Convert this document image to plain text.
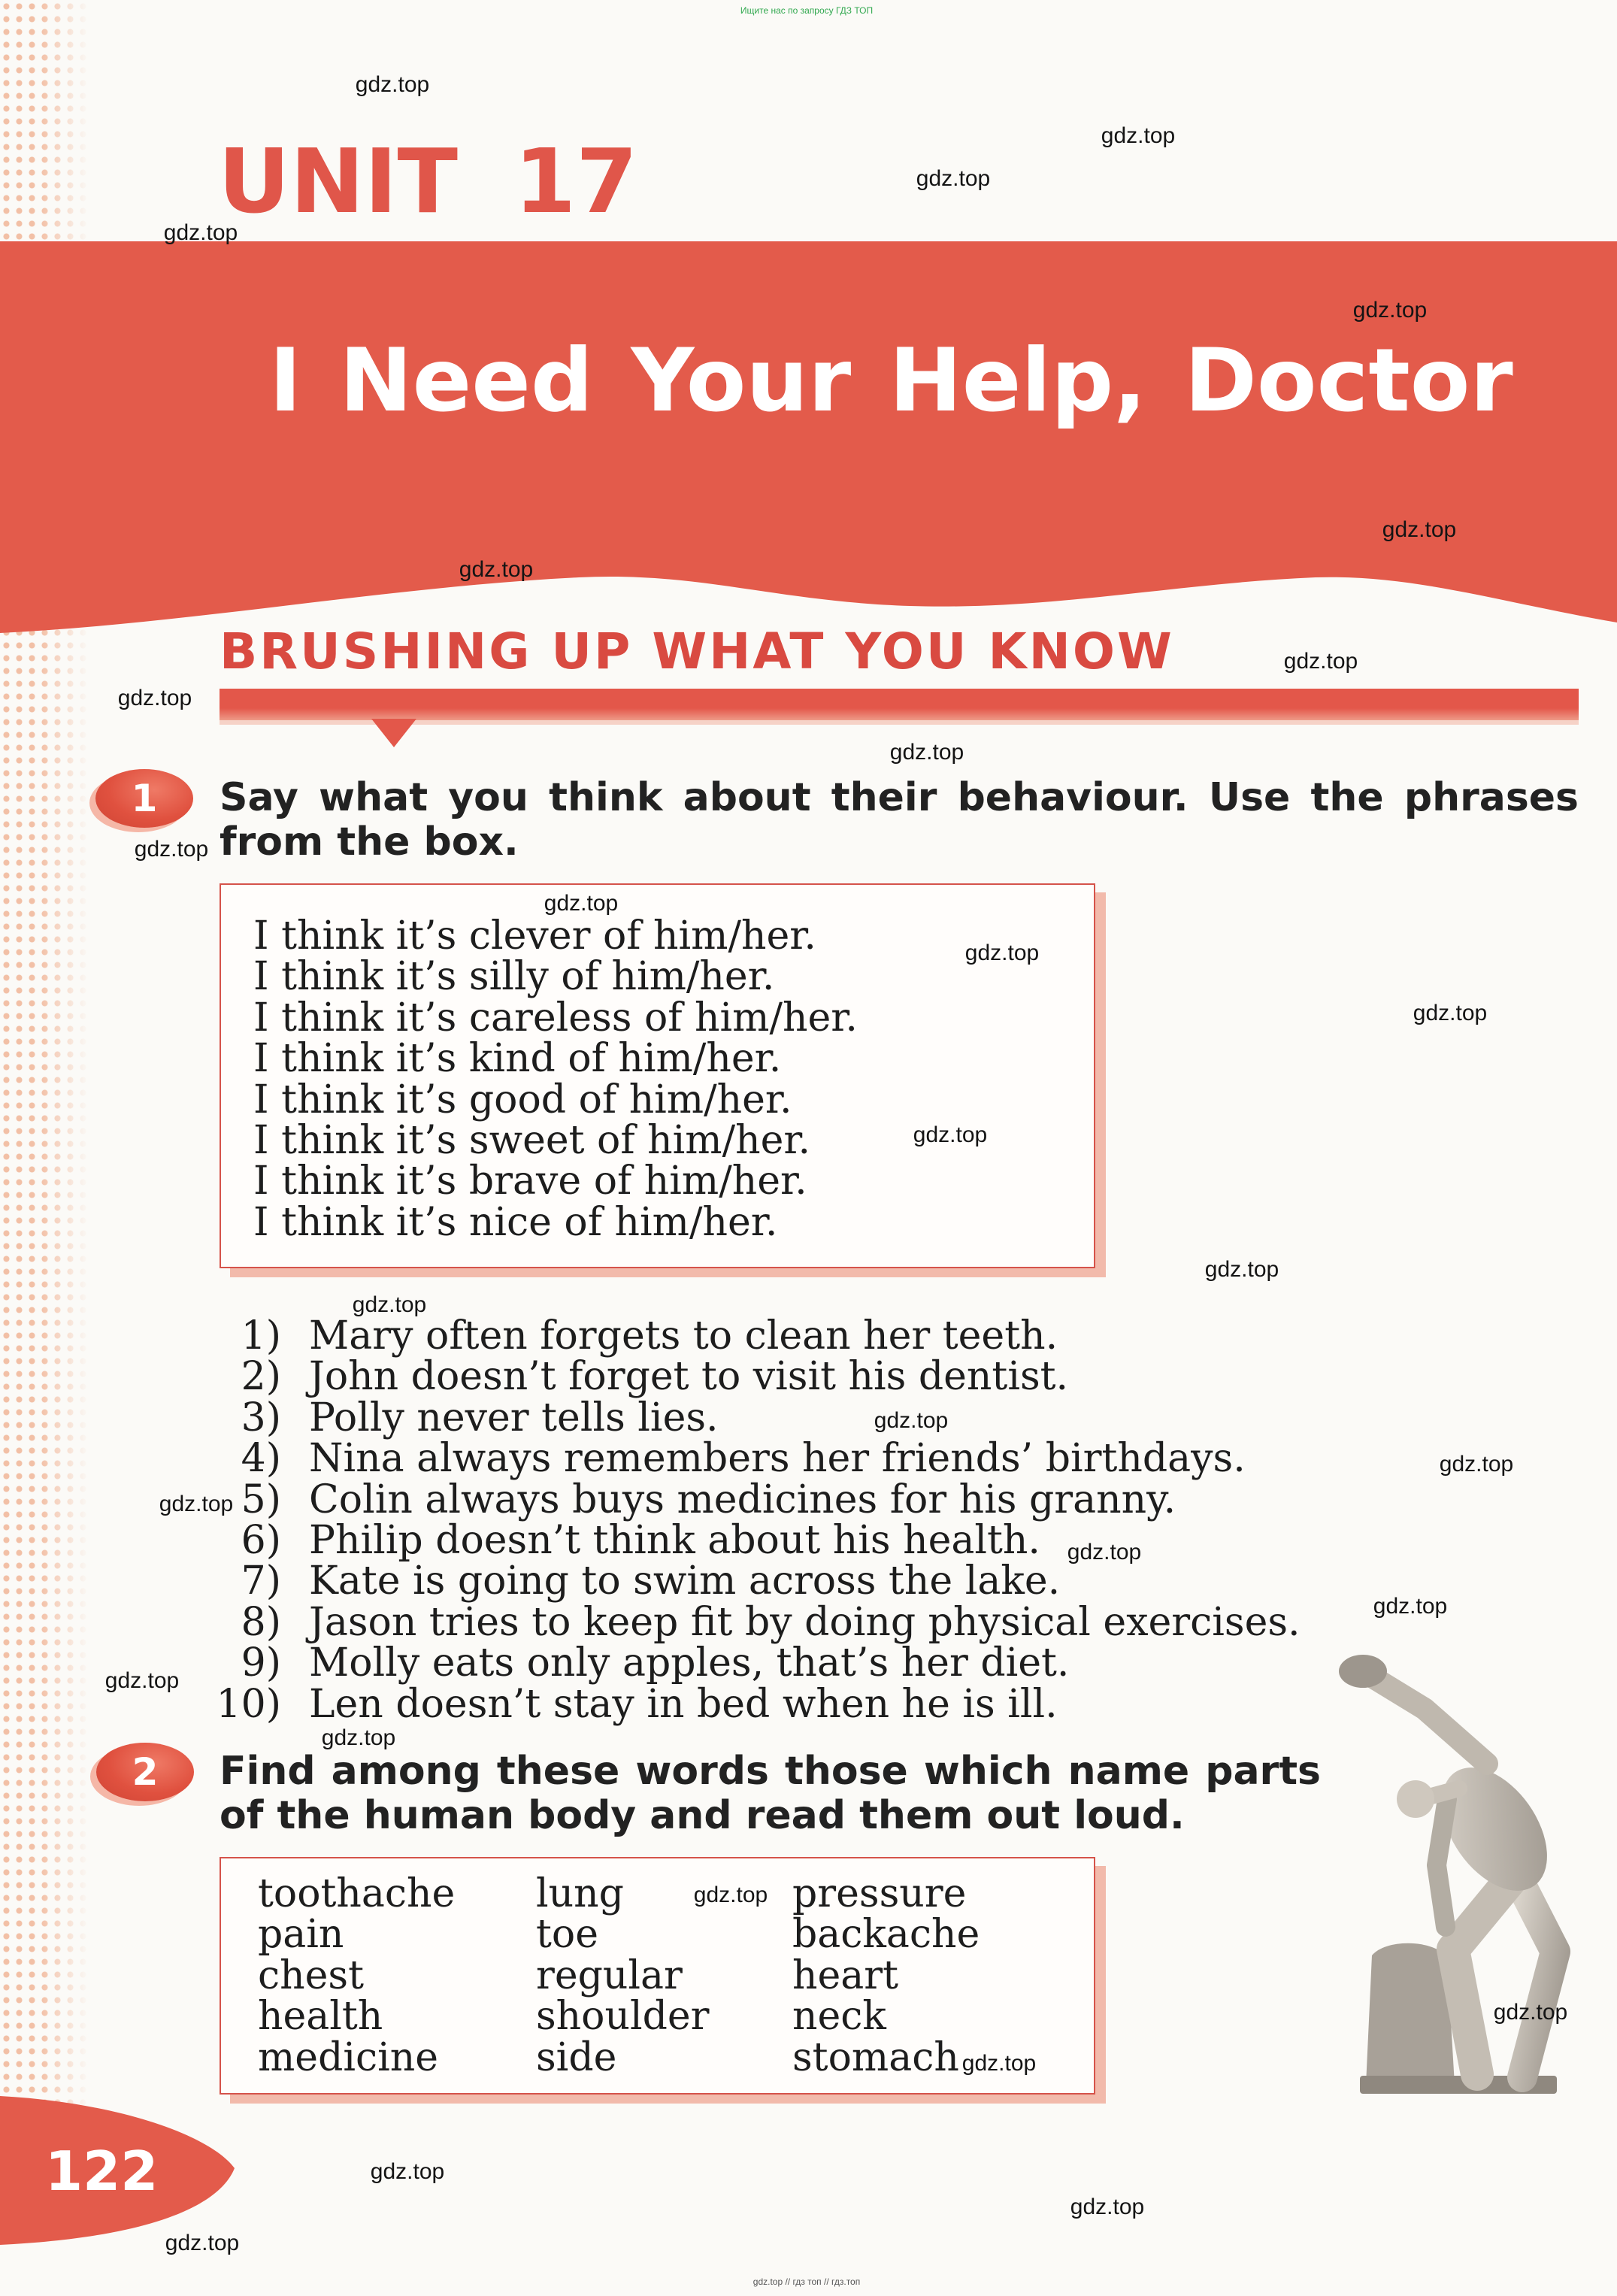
Ищите нас по запросу ГДЗ ТОП
UNIT 17
I Need Your Help, Doctor
BRUSHING UP WHAT YOU KNOW
1	Say what you think about their behaviour. Use the phrases
from the box.
I think it’s clever of him/her.
I think it’s silly of him/her.
I think it’s careless of him/her.
I think it’s kind of him/her.
I think it’s good of him/her.
I think it’s sweet of him/her.
I think it’s brave of him/her.
I think it’s nice of him/her.
1) Mary often forgets to clean her teeth.
2) John doesn’t forget to visit his dentist.
3) Polly never tells lies.
4) Nina always remembers her friends’ birthdays.
5) Colin always buys medicines for his granny.
6) Philip doesn’t think about his health.
7) Kate is going to swim across the lake.
8) Jason tries to keep fit by doing physical exercises.
9) Molly eats only apples, that’s her diet.
10) Len doesn’t stay in bed when he is ill.
2	Find among these words those which name parts
of the human body and read them out loud.
toothache
pain
chest
health
medicine
lung
toe
regular
shoulder
side
pressure
backache
heart
neck
stomach
122
gdz.top
gdz.top
gdz.top
gdz.top
gdz.top
gdz.top
gdz.top
gdz.top
gdz.top
gdz.top
gdz.top
gdz.top
gdz.top
gdz.top
gdz.top
gdz.top
gdz.top
gdz.top
gdz.top
gdz.top
gdz.top
gdz.top
gdz.top
gdz.top
gdz.top
gdz.top
gdz.top
gdz.top
gdz.top
gdz.top
gdz.top // гдз топ // гдз.топ
